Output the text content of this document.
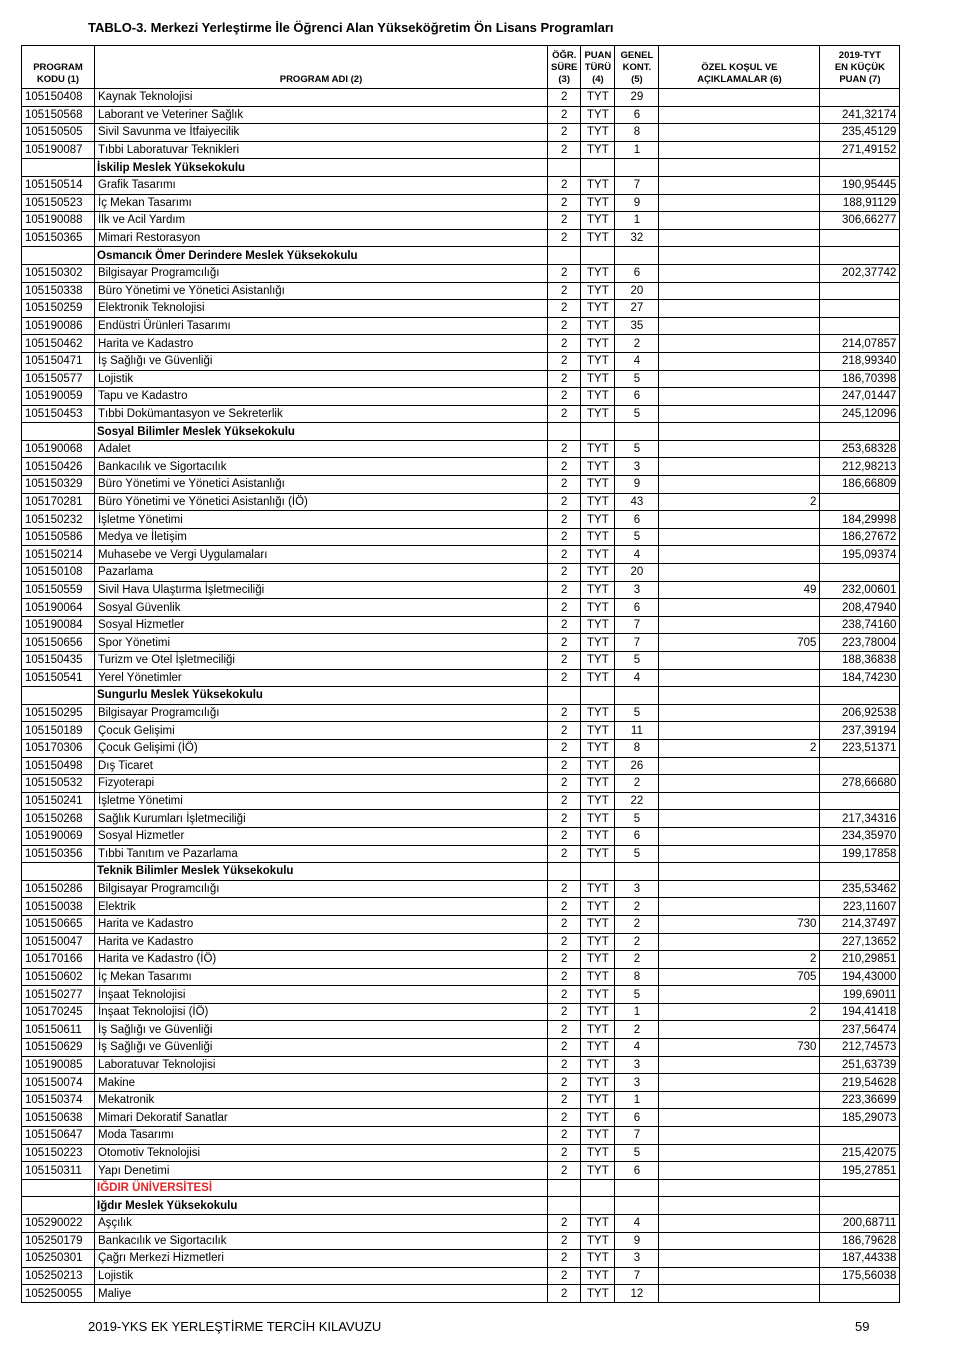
TABLO-3. Merkezi Yerleştirme İle Öğrenci Alan Yükseköğretim Ön Lisans Programları
PROGRAM
KODU (1)	PROGRAM ADI (2)	ÖĞR.
SÜRE
(3)	PUAN
TÜRÜ
(4)	GENEL
KONT.
(5)	ÖZEL KOŞUL VE
AÇIKLAMALAR (6)	2019-TYT
EN KÜÇÜK
PUAN (7)
105150408	Kaynak Teknolojisi	2	TYT	29		
105150568	Laborant ve Veteriner Sağlık	2	TYT	6		241,32174
105150505	Sivil Savunma ve İtfaiyecilik	2	TYT	8		235,45129
105190087	Tıbbi Laboratuvar Teknikleri	2	TYT	1		271,49152
	İskilip Meslek Yüksekokulu					
105150514	Grafik Tasarımı	2	TYT	7		190,95445
105150523	İç Mekan Tasarımı	2	TYT	9		188,91129
105190088	İlk ve Acil Yardım	2	TYT	1		306,66277
105150365	Mimari Restorasyon	2	TYT	32		
	Osmancık Ömer Derindere Meslek Yüksekokulu					
105150302	Bilgisayar Programcılığı	2	TYT	6		202,37742
105150338	Büro Yönetimi ve Yönetici Asistanlığı	2	TYT	20		
105150259	Elektronik Teknolojisi	2	TYT	27		
105190086	Endüstri Ürünleri Tasarımı	2	TYT	35		
105150462	Harita ve Kadastro	2	TYT	2		214,07857
105150471	İş Sağlığı ve Güvenliği	2	TYT	4		218,99340
105150577	Lojistik	2	TYT	5		186,70398
105190059	Tapu ve Kadastro	2	TYT	6		247,01447
105150453	Tıbbi Dokümantasyon ve Sekreterlik	2	TYT	5		245,12096
	Sosyal Bilimler Meslek Yüksekokulu					
105190068	Adalet	2	TYT	5		253,68328
105150426	Bankacılık ve Sigortacılık	2	TYT	3		212,98213
105150329	Büro Yönetimi ve Yönetici Asistanlığı	2	TYT	9		186,66809
105170281	Büro Yönetimi ve Yönetici Asistanlığı (İÖ)	2	TYT	43	2	
105150232	İşletme Yönetimi	2	TYT	6		184,29998
105150586	Medya ve İletişim	2	TYT	5		186,27672
105150214	Muhasebe ve Vergi Uygulamaları	2	TYT	4		195,09374
105150108	Pazarlama	2	TYT	20		
105150559	Sivil Hava Ulaştırma İşletmeciliği	2	TYT	3	49	232,00601
105190064	Sosyal Güvenlik	2	TYT	6		208,47940
105190084	Sosyal Hizmetler	2	TYT	7		238,74160
105150656	Spor Yönetimi	2	TYT	7	705	223,78004
105150435	Turizm ve Otel İşletmeciliği	2	TYT	5		188,36838
105150541	Yerel Yönetimler	2	TYT	4		184,74230
	Sungurlu Meslek Yüksekokulu					
105150295	Bilgisayar Programcılığı	2	TYT	5		206,92538
105150189	Çocuk Gelişimi	2	TYT	11		237,39194
105170306	Çocuk Gelişimi (İÖ)	2	TYT	8	2	223,51371
105150498	Dış Ticaret	2	TYT	26		
105150532	Fizyoterapi	2	TYT	2		278,66680
105150241	İşletme Yönetimi	2	TYT	22		
105150268	Sağlık Kurumları İşletmeciliği	2	TYT	5		217,34316
105190069	Sosyal Hizmetler	2	TYT	6		234,35970
105150356	Tıbbi Tanıtım ve Pazarlama	2	TYT	5		199,17858
	Teknik Bilimler Meslek Yüksekokulu					
105150286	Bilgisayar Programcılığı	2	TYT	3		235,53462
105150038	Elektrik	2	TYT	2		223,11607
105150665	Harita ve Kadastro	2	TYT	2	730	214,37497
105150047	Harita ve Kadastro	2	TYT	2		227,13652
105170166	Harita ve Kadastro (İÖ)	2	TYT	2	2	210,29851
105150602	İç Mekan Tasarımı	2	TYT	8	705	194,43000
105150277	İnşaat Teknolojisi	2	TYT	5		199,69011
105170245	İnşaat Teknolojisi (İÖ)	2	TYT	1	2	194,41418
105150611	İş Sağlığı ve Güvenliği	2	TYT	2		237,56474
105150629	İş Sağlığı ve Güvenliği	2	TYT	4	730	212,74573
105190085	Laboratuvar Teknolojisi	2	TYT	3		251,63739
105150074	Makine	2	TYT	3		219,54628
105150374	Mekatronik	2	TYT	1		223,36699
105150638	Mimari Dekoratif Sanatlar	2	TYT	6		185,29073
105150647	Moda Tasarımı	2	TYT	7		
105150223	Otomotiv Teknolojisi	2	TYT	5		215,42075
105150311	Yapı Denetimi	2	TYT	6		195,27851
	IĞDIR ÜNİVERSİTESİ					
	Iğdır Meslek Yüksekokulu					
105290022	Aşçılık	2	TYT	4		200,68711
105250179	Bankacılık ve Sigortacılık	2	TYT	9		186,79628
105250301	Çağrı Merkezi Hizmetleri	2	TYT	3		187,44338
105250213	Lojistik	2	TYT	7		175,56038
105250055	Maliye	2	TYT	12		
2019-YKS EK YERLEŞTİRME TERCİH KILAVUZU	59
